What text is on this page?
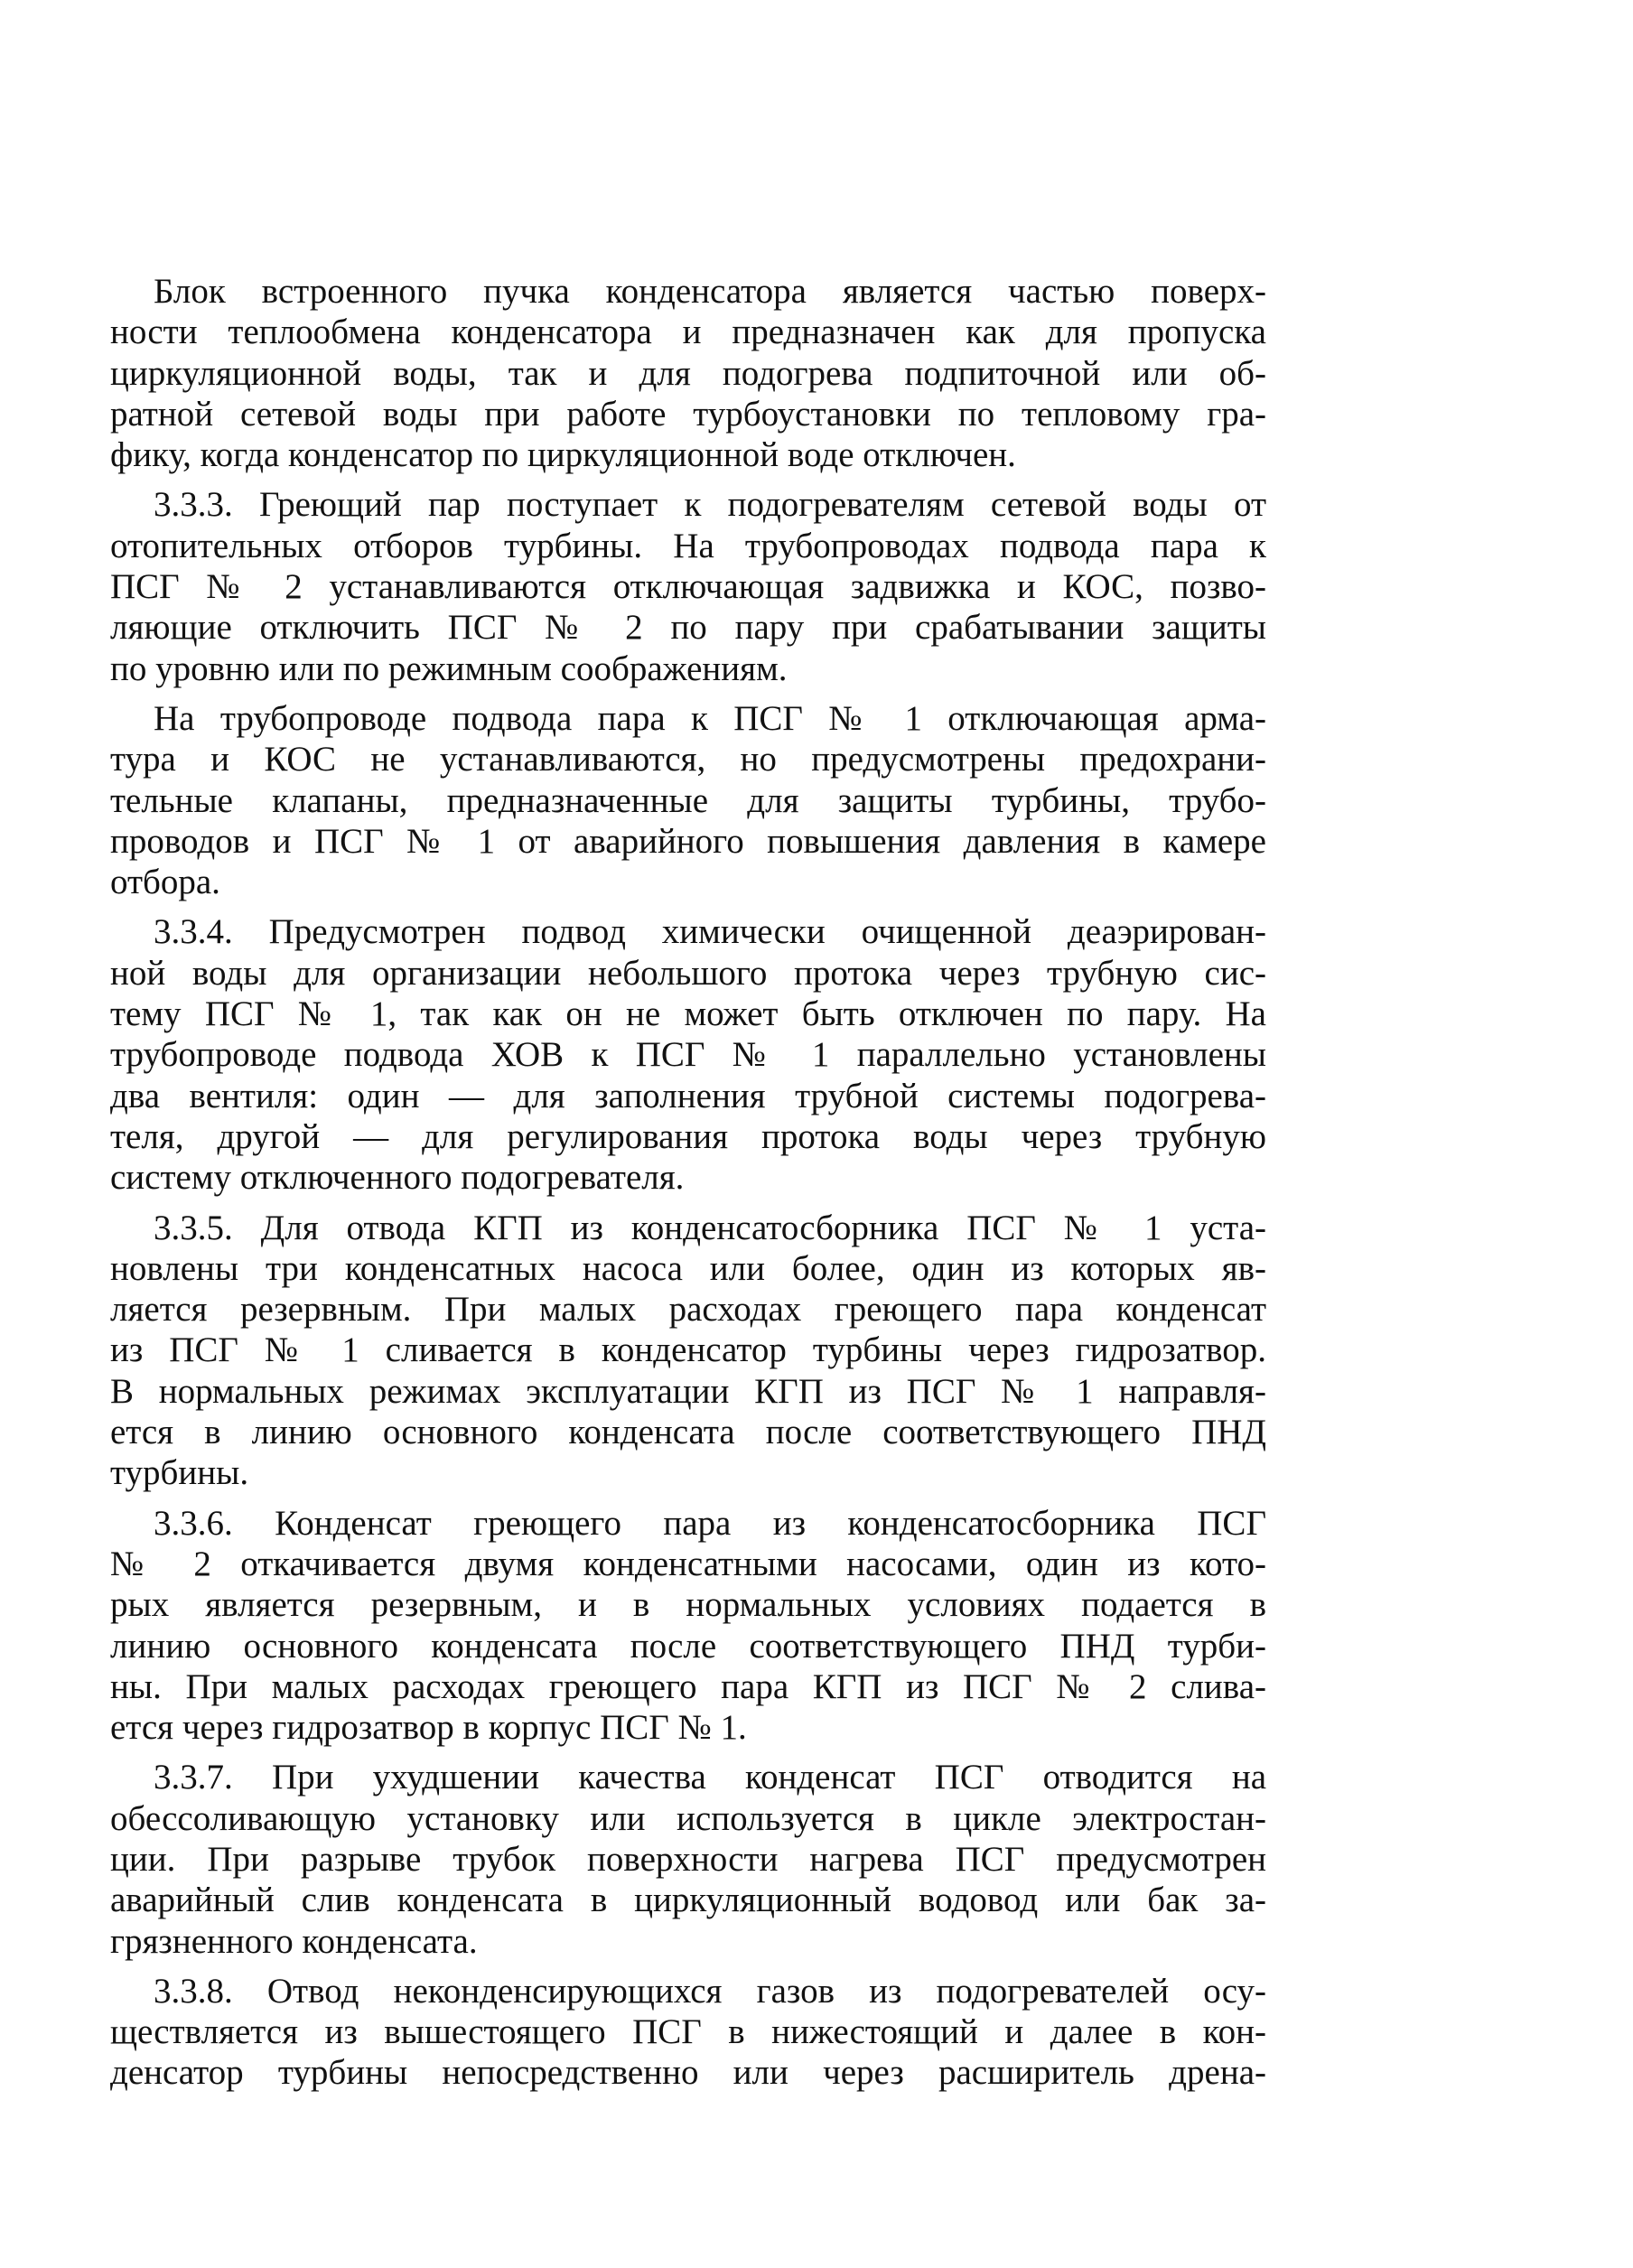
Блок встроенного пучка конденсатора является частью поверх-
ности теплообмена конденсатора и предназначен как для пропуска
циркуляционной воды, так и для подогрева подпиточной или об-
ратной сетевой воды при работе турбоустановки по тепловому гра-
фику, когда конденсатор по циркуляционной воде отключен.

3.3.3. Греющий пар поступает к подогревателям сетевой воды от
отопительных отборов турбины. На трубопроводах подвода пара к
ПСГ № 2 устанавливаются отключающая задвижка и КОС, позво-
ляющие отключить ПСГ № 2 по пару при срабатывании защиты
по уровню или по режимным соображениям.

На трубопроводе подвода пара к ПСГ № 1 отключающая арма-
тура и КОС не устанавливаются, но предусмотрены предохрани-
тельные клапаны, предназначенные для защиты турбины, трубо-
проводов и ПСГ № 1 от аварийного повышения давления в камере
отбора.

3.3.4. Предусмотрен подвод химически очищенной деаэрирован-
ной воды для организации небольшого протока через трубную сис-
тему ПСГ № 1, так как он не может быть отключен по пару. На
трубопроводе подвода ХОВ к ПСГ № 1 параллельно установлены
два вентиля: один — для заполнения трубной системы подогрева-
теля, другой — для регулирования протока воды через трубную
систему отключенного подогревателя.

3.3.5. Для отвода КГП из конденсатосборника ПСГ № 1 уста-
новлены три конденсатных насоса или более, один из которых яв-
ляется резервным. При малых расходах греющего пара конденсат
из ПСГ № 1 сливается в конденсатор турбины через гидрозатвор.
В нормальных режимах эксплуатации КГП из ПСГ № 1 направля-
ется в линию основного конденсата после соответствующего ПНД
турбины.

3.3.6. Конденсат греющего пара из конденсатосборника ПСГ
№ 2 откачивается двумя конденсатными насосами, один из кото-
рых является резервным, и в нормальных условиях подается в
линию основного конденсата после соответствующего ПНД турби-
ны. При малых расходах греющего пара КГП из ПСГ № 2 слива-
ется через гидрозатвор в корпус ПСГ № 1.

3.3.7. При ухудшении качества конденсат ПСГ отводится на
обессоливающую установку или используется в цикле электростан-
ции. При разрыве трубок поверхности нагрева ПСГ предусмотрен
аварийный слив конденсата в циркуляционный водовод или бак за-
грязненного конденсата.

3.3.8. Отвод неконденсирующихся газов из подогревателей осу-
ществляется из вышестоящего ПСГ в нижестоящий и далее в кон-
денсатор турбины непосредственно или через расширитель дрена-
